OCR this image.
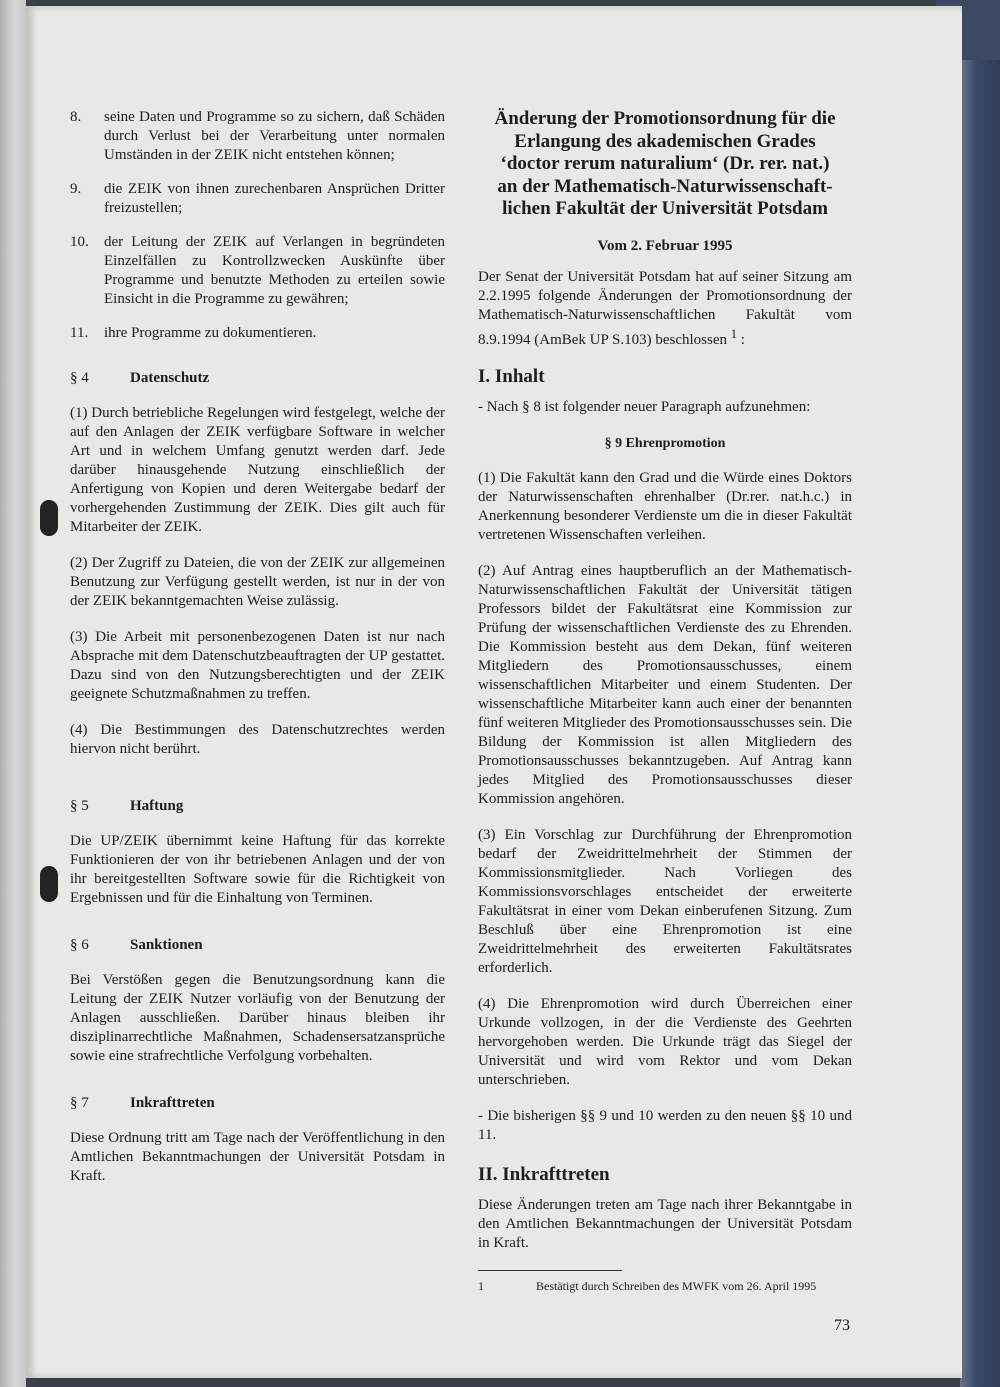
8.	seine Daten und Programme so zu sichern, daß Schäden durch Verlust bei der Verarbeitung unter normalen Umständen in der ZEIK nicht entstehen können;
9.	die ZEIK von ihnen zurechenbaren Ansprüchen Dritter freizustellen;
10.	der Leitung der ZEIK auf Verlangen in begründeten Einzelfällen zu Kontrollzwecken Auskünfte über Programme und benutzte Methoden zu erteilen sowie Einsicht in die Programme zu gewähren;
11.	ihre Programme zu dokumentieren.
§ 4	Datenschutz

(1) Durch betriebliche Regelungen wird festgelegt, welche der auf den Anlagen der ZEIK verfügbare Software in welcher Art und in welchem Umfang genutzt werden darf. Jede darüber hinausgehende Nutzung einschließlich der Anfertigung von Kopien und deren Weitergabe bedarf der vorhergehenden Zustimmung der ZEIK. Dies gilt auch für Mitarbeiter der ZEIK.

(2) Der Zugriff zu Dateien, die von der ZEIK zur allgemeinen Benutzung zur Verfügung gestellt werden, ist nur in der von der ZEIK bekanntgemachten Weise zulässig.

(3) Die Arbeit mit personenbezogenen Daten ist nur nach Absprache mit dem Datenschutzbeauftragten der UP gestattet. Dazu sind von den Nutzungsberechtigten und der ZEIK geeignete Schutzmaßnahmen zu treffen.

(4) Die Bestimmungen des Datenschutzrechtes werden hiervon nicht berührt.

§ 5	Haftung

Die UP/ZEIK übernimmt keine Haftung für das korrekte Funktionieren der von ihr betriebenen Anlagen und der von ihr bereitgestellten Software sowie für die Richtigkeit von Ergebnissen und für die Einhaltung von Terminen.

§ 6	Sanktionen

Bei Verstößen gegen die Benutzungsordnung kann die Leitung der ZEIK Nutzer vorläufig von der Benutzung der Anlagen ausschließen. Darüber hinaus bleiben ihr disziplinarrechtliche Maßnahmen, Schadensersatzansprüche sowie eine strafrechtliche Verfolgung vorbehalten.

§ 7	Inkrafttreten

Diese Ordnung tritt am Tage nach der Veröffentlichung in den Amtlichen Bekanntmachungen der Universität Potsdam in Kraft.

Änderung der Promotionsordnung für die
Erlangung des akademischen Grades
‘doctor rerum naturalium‘ (Dr. rer. nat.)
an der Mathematisch-Naturwissenschaft-
lichen Fakultät der Universität Potsdam
Vom 2. Februar 1995

Der Senat der Universität Potsdam hat auf seiner Sitzung am 2.2.1995 folgende Änderungen der Promotionsordnung der Mathematisch-Naturwissenschaftlichen Fakultät vom 8.9.1994 (AmBek UP S.103) beschlossen $^1$ :

I. Inhalt

- Nach § 8 ist folgender neuer Paragraph aufzunehmen:

§ 9 Ehrenpromotion

(1) Die Fakultät kann den Grad und die Würde eines Doktors der Naturwissenschaften ehrenhalber (Dr.rer. nat.h.c.) in Anerkennung besonderer Verdienste um die in dieser Fakultät vertretenen Wissenschaften verleihen.

(2) Auf Antrag eines hauptberuflich an der Mathematisch-Naturwissenschaftlichen Fakultät der Universität tätigen Professors bildet der Fakultätsrat eine Kommission zur Prüfung der wissenschaftlichen Verdienste des zu Ehrenden. Die Kommission besteht aus dem Dekan, fünf weiteren Mitgliedern des Promotionsausschusses, einem wissenschaftlichen Mitarbeiter und einem Studenten. Der wissenschaftliche Mitarbeiter kann auch einer der benannten fünf weiteren Mitglieder des Promotionsausschusses sein. Die Bildung der Kommission ist allen Mitgliedern des Promotionsausschusses bekanntzugeben. Auf Antrag kann jedes Mitglied des Promotionsausschusses dieser Kommission angehören.

(3) Ein Vorschlag zur Durchführung der Ehrenpromotion bedarf der Zweidrittelmehrheit der Stimmen der Kommissionsmitglieder. Nach Vorliegen des Kommissionsvorschlages entscheidet der erweiterte Fakultätsrat in einer vom Dekan einberufenen Sitzung. Zum Beschluß über eine Ehrenpromotion ist eine Zweidrittelmehrheit des erweiterten Fakultätsrates erforderlich.

(4) Die Ehrenpromotion wird durch Überreichen einer Urkunde vollzogen, in der die Verdienste des Geehrten hervorgehoben werden. Die Urkunde trägt das Siegel der Universität und wird vom Rektor und vom Dekan unterschrieben.

- Die bisherigen §§ 9 und 10 werden zu den neuen §§ 10 und 11.

II. Inkrafttreten

Diese Änderungen treten am Tage nach ihrer Bekanntgabe in den Amtlichen Bekanntmachungen der Universität Potsdam in Kraft.

1	Bestätigt durch Schreiben des MWFK vom 26. April 1995
73
